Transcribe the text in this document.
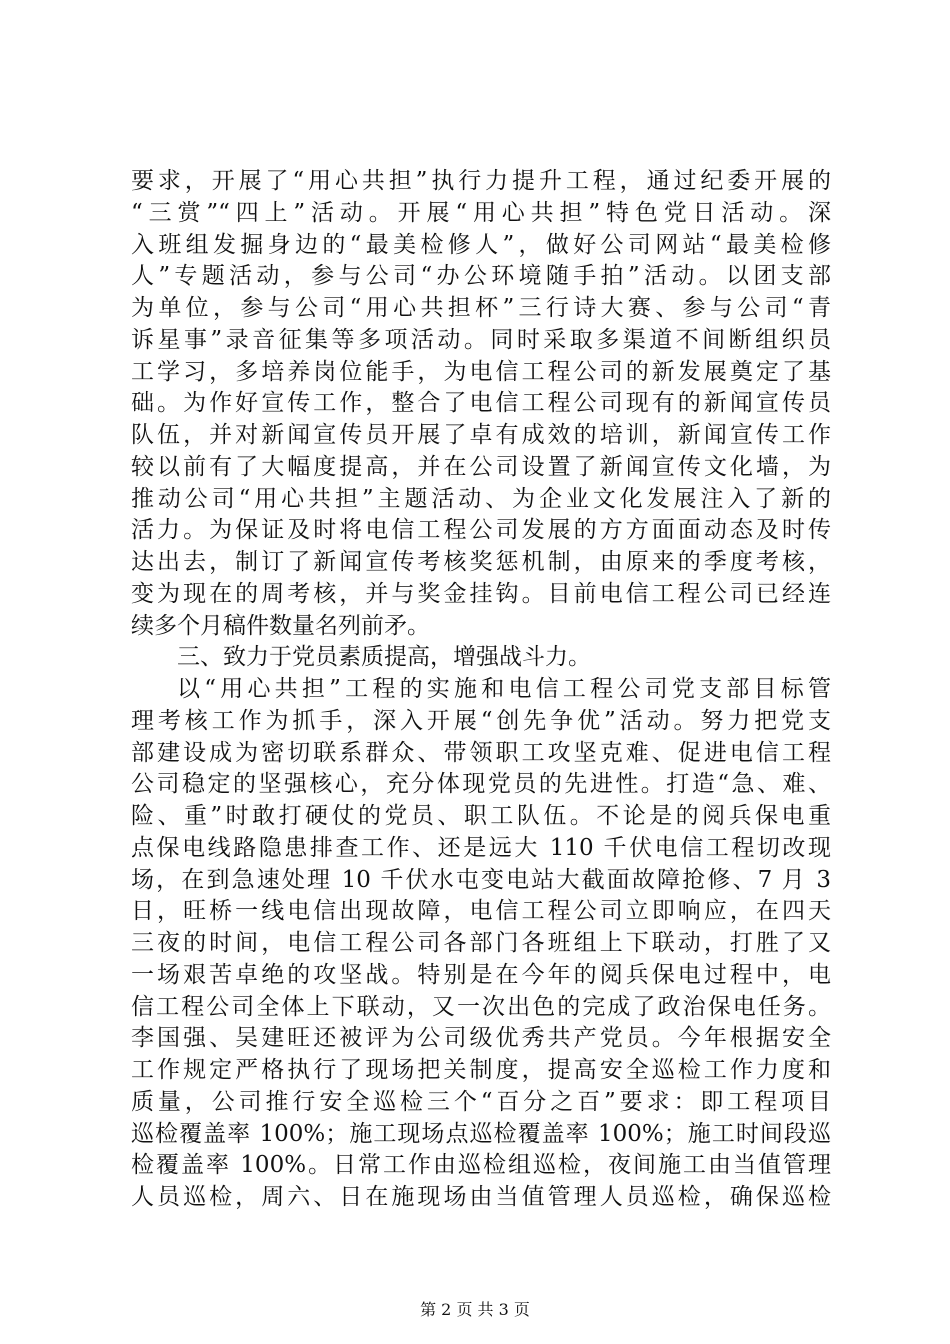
要求，开展了“用心共担”执行力提升工程，通过纪委开展的
“三赏”“四上”活动。开展“用心共担”特色党日活动。深
入班组发掘身边的“最美检修人”，做好公司网站“最美检修
人”专题活动，参与公司“办公环境随手拍”活动。以团支部
为单位，参与公司“用心共担杯”三行诗大赛、参与公司“青
诉星事”录音征集等多项活动。同时采取多渠道不间断组织员
工学习，多培养岗位能手，为电信工程公司的新发展奠定了基
础。为作好宣传工作，整合了电信工程公司现有的新闻宣传员
队伍，并对新闻宣传员开展了卓有成效的培训，新闻宣传工作
较以前有了大幅度提高，并在公司设置了新闻宣传文化墙，为
推动公司“用心共担”主题活动、为企业文化发展注入了新的
活力。为保证及时将电信工程公司发展的方方面面动态及时传
达出去，制订了新闻宣传考核奖惩机制，由原来的季度考核，
变为现在的周考核，并与奖金挂钩。目前电信工程公司已经连
续多个月稿件数量名列前矛。
三、致力于党员素质提高，增强战斗力。
以“用心共担”工程的实施和电信工程公司党支部目标管
理考核工作为抓手，深入开展“创先争优”活动。努力把党支
部建设成为密切联系群众、带领职工攻坚克难、促进电信工程
公司稳定的坚强核心，充分体现党员的先进性。打造“急、难、
险、重”时敢打硬仗的党员、职工队伍。不论是的阅兵保电重
点保电线路隐患排查工作、还是远大 110 千伏电信工程切改现
场，在到急速处理 10 千伏水屯变电站大截面故障抢修、7 月 3
日，旺桥一线电信出现故障，电信工程公司立即响应，在四天
三夜的时间，电信工程公司各部门各班组上下联动，打胜了又
一场艰苦卓绝的攻坚战。特别是在今年的阅兵保电过程中，电
信工程公司全体上下联动，又一次出色的完成了政治保电任务。
李国强、吴建旺还被评为公司级优秀共产党员。今年根据安全
工作规定严格执行了现场把关制度，提高安全巡检工作力度和
质量，公司推行安全巡检三个“百分之百”要求：即工程项目
巡检覆盖率 100%；施工现场点巡检覆盖率 100%；施工时间段巡
检覆盖率 100%。日常工作由巡检组巡检，夜间施工由当值管理
人员巡检，周六、日在施现场由当值管理人员巡检，确保巡检
第 2 页 共 3 页
